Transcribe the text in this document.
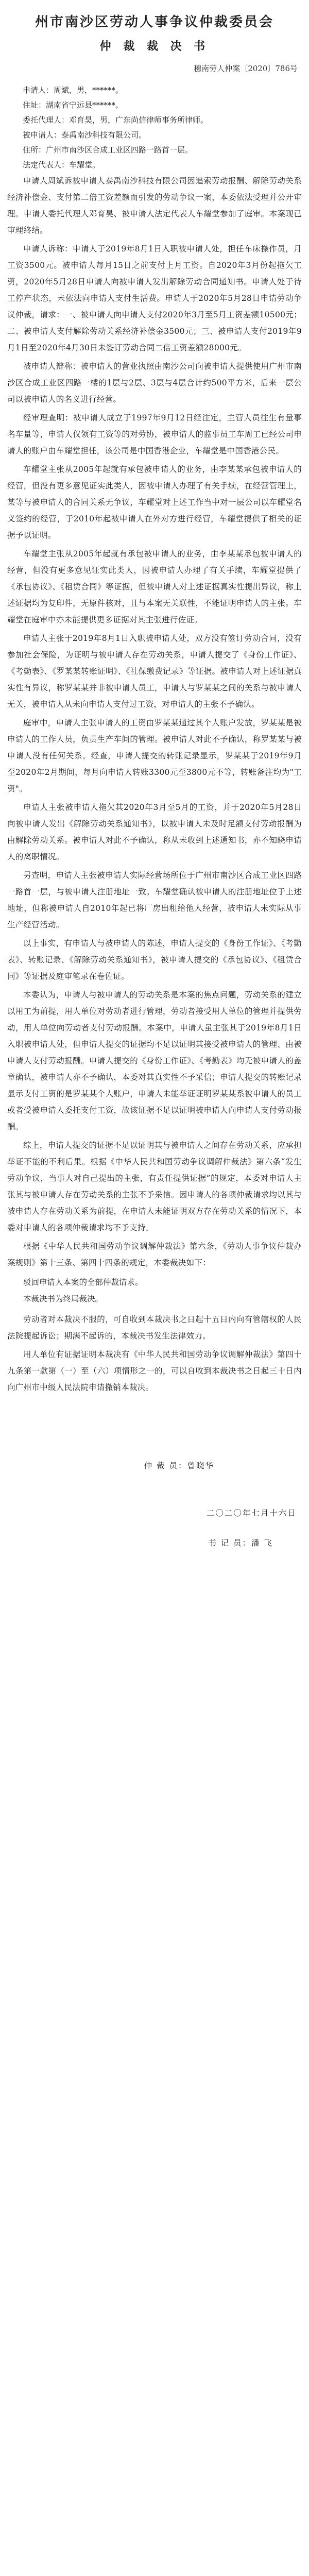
州市南沙区劳动人事争议仲裁委员会
仲 裁 裁 决 书
穗南劳人仲案〔2020〕786号

申请人：周斌，男，******。

住址：湖南省宁远县******。

委托代理人：邓育昊，男，广东尚信律师事务所律师。

被申请人：泰禹南沙科技有限公司。

住所：广州市南沙区合成工业区四路一路首一层。

法定代表人：车耀堂。

申请人周斌诉被申请人泰禹南沙科技有限公司因追索劳动报酬、解除劳动关系经济补偿金、支付第二倍工资差额而引发的劳动争议一案，本委依法受理并公开审理。申请人委托代理人邓育昊、被申请人法定代表人车耀堂参加了庭审。本案现已审理终结。

申请人诉称：申请人于2019年8月1日入职被申请人处，担任车床操作员，月工资3500元。被申请人每月15日之前支付上月工资。自2020年3月份起拖欠工资，2020年5月28日申请人向被申请人发出解除劳动合同通知书。申请人处于待工停产状态，未依法向申请人支付生活费。申请人于2020年5月28日申请劳动争议仲裁，请求：一、被申请人向申请人支付2020年3月至5月工资差额10500元；二、被申请人支付解除劳动关系经济补偿金3500元；三、被申请人支付2019年9月1日至2020年4月30日未签订劳动合同二倍工资差额28000元。

被申请人辩称：被申请人的营业执照由南沙公司向被申请人提供使用广州市南沙区合成工业区四路一楼的1层与2层、3层与4层合计约500平方米，后来一层公司以被申请人的名义进行经营。

经审理查明：被申请人成立于1997年9月12日经注定，主营人员往生有量事名车量等，申请人仅领有工资等的对劳协，被申请人的监事员工车周工已经公司申请人的账户由车耀堂担任，该公司是中国香港企业，车耀堂是中国香港公民。

车耀堂主张从2005年起就有承包被申请人的业务，由李某某承包被申请人的经营，但没有更多意见证实此类人，因被申请人办理了有关手续，在经营管理上，某等与被申请人的合同关系无争议，车耀堂对上述工作当中对一层公司以车耀堂名义签约的经营，于2010年起被申请人在外对方进行经营，车耀堂提供了相关的证据予以证明。

车耀堂主张从2005年起就有承包被申请人的业务，由李某某承包被申请人的经营，但没有更多意见证实此类人，因被申请人办理了有关手续，车耀堂提供了《承包协议》、《租赁合同》等证据，但被申请人对上述证据真实性提出异议，称上述证据均为复印件，无原件核对，且与本案无关联性，不能证明申请人的主张。车耀堂在庭审中亦未能提供更多证据对其主张进行佐证。

申请人主张于2019年8月1日入职被申请人处，双方没有签订劳动合同，没有参加社会保险，为证明与被申请人存在劳动关系，申请人提交了《身份工作证》、《考勤表》、《罗某某转账证明》、《社保缴费记录》等证据。被申请人对上述证据真实性有异议，称罗某某并非被申请人员工，申请人与罗某某之间的关系与被申请人无关，被申请人从未向申请人支付过工资，对申请人的主张不予确认。

庭审中，申请人主张申请人的工资由罗某某通过其个人账户发放，罗某某是被申请人的工作人员，负责生产车间的管理。被申请人对此不予确认，称罗某某与被申请人没有任何关系。经查，申请人提交的转账记录显示，罗某某于2019年9月至2020年2月期间，每月向申请人转账3300元至3800元不等，转账备注均为"工资"。

申请人主张被申请人拖欠其2020年3月至5月的工资，并于2020年5月28日向被申请人发出《解除劳动关系通知书》，以被申请人未及时足额支付劳动报酬为由解除劳动关系。被申请人对此不予确认，称从未收到上述通知书，亦不知晓申请人的离职情况。

另查明，申请人主张被申请人实际经营场所位于广州市南沙区合成工业区四路一路首一层，与被申请人注册地址一致。车耀堂确认被申请人的注册地址位于上述地址，但称被申请人自2010年起已将厂房出租给他人经营，被申请人未实际从事生产经营活动。

以上事实，有申请人与被申请人的陈述，申请人提交的《身份工作证》、《考勤表》、转账记录、《解除劳动关系通知书》，被申请人提交的《承包协议》、《租赁合同》等证据及庭审笔录在卷佐证。

本委认为，申请人与被申请人的劳动关系是本案的焦点问题，劳动关系的建立以用工为前提，用人单位对劳动者进行管理，劳动者接受用人单位的管理并提供劳动，用人单位向劳动者支付劳动报酬。本案中，申请人虽主张其于2019年8月1日入职被申请人处，但申请人提交的证据均不足以证明其接受被申请人的管理、由被申请人支付劳动报酬。申请人提交的《身份工作证》、《考勤表》均无被申请人的盖章确认，被申请人亦不予确认，本委对其真实性不予采信；申请人提交的转账记录显示支付工资的是罗某某个人账户，申请人未能举证证明罗某某系被申请人的员工或者受被申请人委托支付工资，故该证据不足以证明被申请人向申请人支付劳动报酬。

综上，申请人提交的证据不足以证明其与被申请人之间存在劳动关系，应承担举证不能的不利后果。根据《中华人民共和国劳动争议调解仲裁法》第六条“发生劳动争议，当事人对自己提出的主张，有责任提供证据”的规定，本委对申请人主张其与被申请人存在劳动关系的主张不予采信。因申请人的各项仲裁请求均以其与被申请人存在劳动关系为前提，在申请人未能证明双方存在劳动关系的情况下，本委对申请人的各项仲裁请求均不予支持。

根据《中华人民共和国劳动争议调解仲裁法》第六条，《劳动人事争议仲裁办案规则》第十三条、第四十四条的规定，本委裁决如下：

驳回申请人本案的全部仲裁请求。

本裁决书为终局裁决。

劳动者对本裁决不服的，可自收到本裁决书之日起十五日内向有管辖权的人民法院提起诉讼；期满不起诉的，本裁决书发生法律效力。

用人单位有证据证明本裁决有《中华人民共和国劳动争议调解仲裁法》第四十九条第一款第（一）至（六）项情形之一的，可以自收到本裁决书之日起三十日内向广州市中级人民法院申请撤销本裁决。

仲 裁 员：曾晓华
二〇二〇年七月十六日
书 记 员：潘 飞
